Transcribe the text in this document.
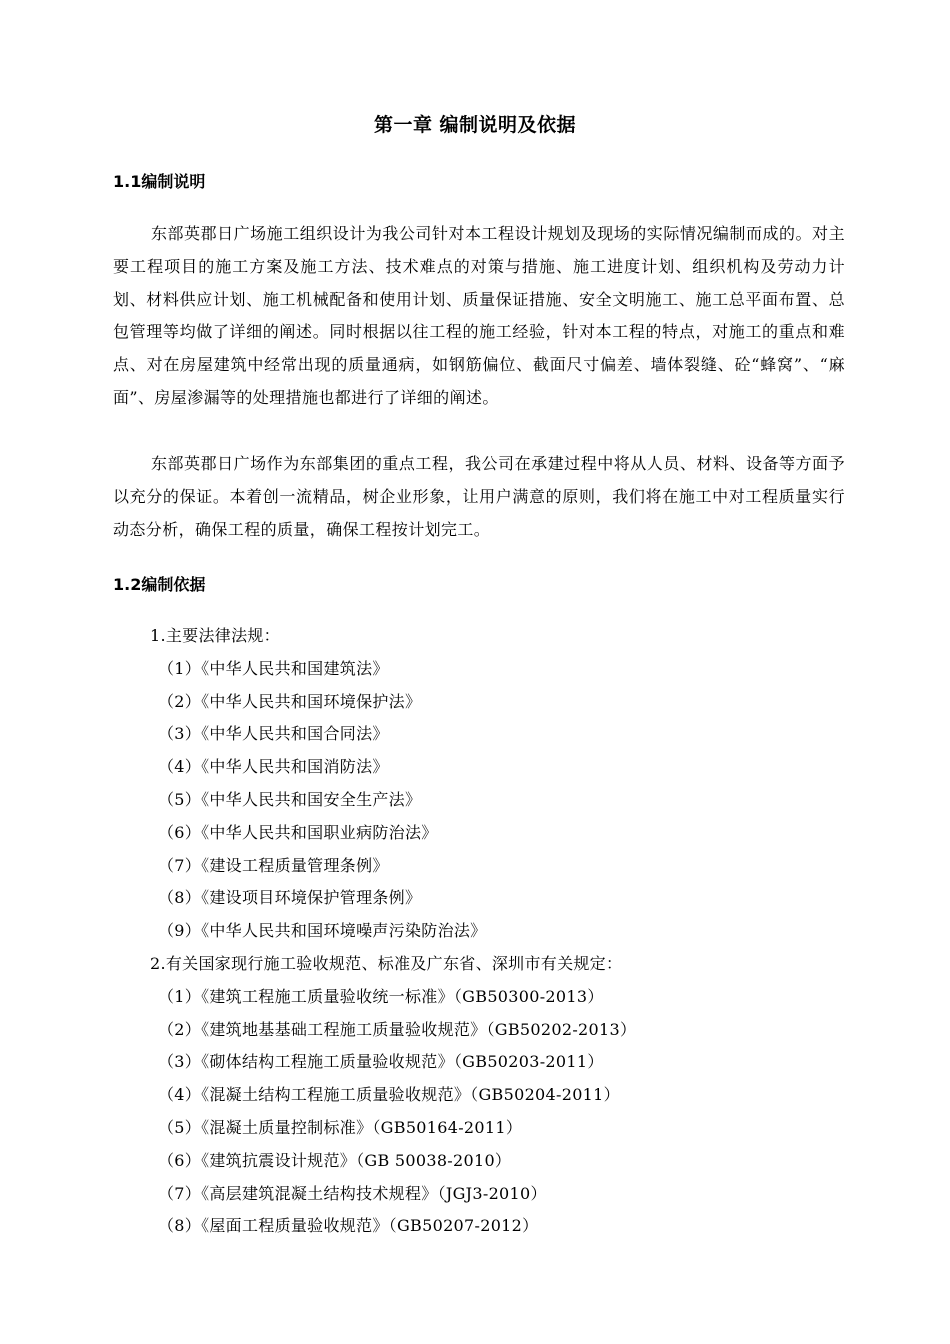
第一章 编制说明及依据
1.1编制说明

东部英郡日广场施工组织设计为我公司针对本工程设计规划及现场的实际情况编制而成的。对主要工程项目的施工方案及施工方法、技术难点的对策与措施、施工进度计划、组织机构及劳动力计划、材料供应计划、施工机械配备和使用计划、质量保证措施、安全文明施工、施工总平面布置、总包管理等均做了详细的阐述。同时根据以往工程的施工经验，针对本工程的特点，对施工的重点和难点、对在房屋建筑中经常出现的质量通病，如钢筋偏位、截面尺寸偏差、墙体裂缝、砼“蜂窝”、“麻面”、房屋渗漏等的处理措施也都进行了详细的阐述。

东部英郡日广场作为东部集团的重点工程，我公司在承建过程中将从人员、材料、设备等方面予以充分的保证。本着创一流精品，树企业形象，让用户满意的原则，我们将在施工中对工程质量实行动态分析，确保工程的质量，确保工程按计划完工。

1.2编制依据
1.主要法律法规：
（1）《中华人民共和国建筑法》
（2）《中华人民共和国环境保护法》
（3）《中华人民共和国合同法》
（4）《中华人民共和国消防法》
（5）《中华人民共和国安全生产法》
（6）《中华人民共和国职业病防治法》
（7）《建设工程质量管理条例》
（8）《建设项目环境保护管理条例》
（9）《中华人民共和国环境噪声污染防治法》
2.有关国家现行施工验收规范、标准及广东省、深圳市有关规定：
（1）《建筑工程施工质量验收统一标准》（GB50300-2013）
（2）《建筑地基基础工程施工质量验收规范》（GB50202-2013）
（3）《砌体结构工程施工质量验收规范》（GB50203-2011）
（4）《混凝土结构工程施工质量验收规范》（GB50204-2011）
（5）《混凝土质量控制标准》（GB50164-2011）
（6）《建筑抗震设计规范》（GB 50038-2010）
（7）《高层建筑混凝土结构技术规程》（JGJ3-2010）
（8）《屋面工程质量验收规范》（GB50207-2012）
